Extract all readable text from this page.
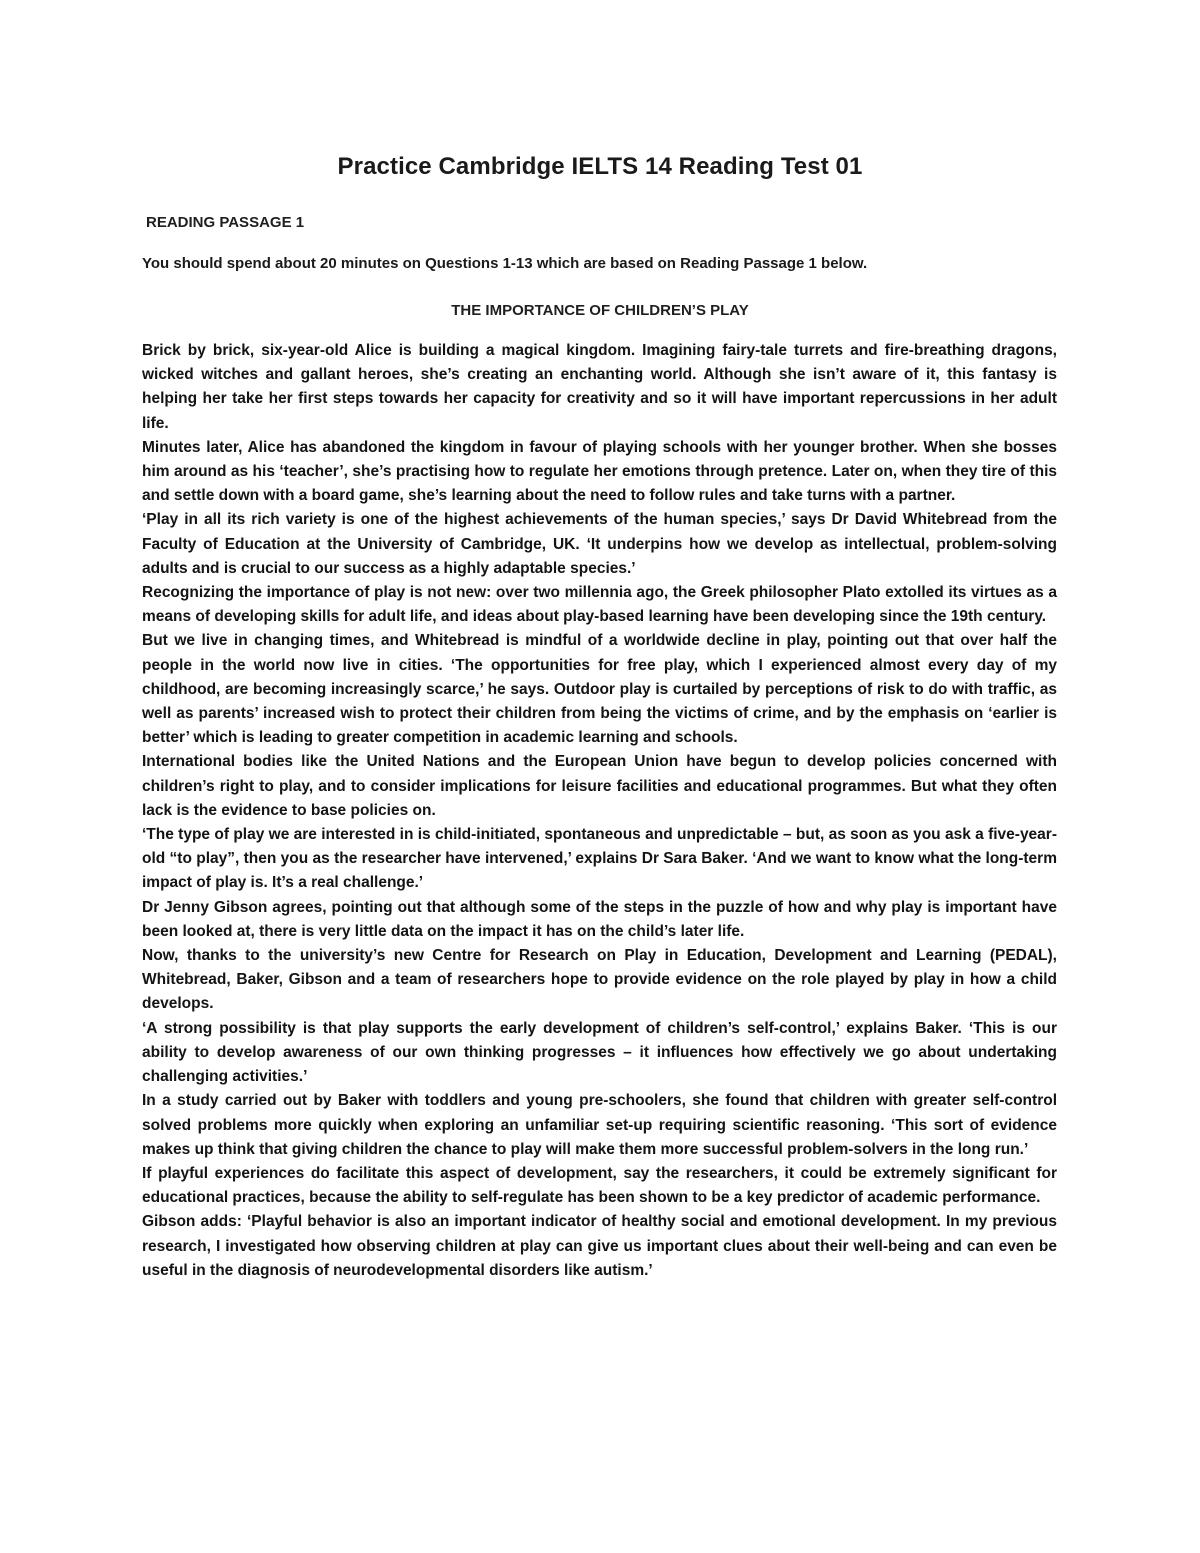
Practice Cambridge IELTS 14 Reading Test 01
READING PASSAGE 1
You should spend about 20 minutes on Questions 1-13 which are based on Reading Passage 1 below.
THE IMPORTANCE OF CHILDREN’S PLAY

Brick by brick, six-year-old Alice is building a magical kingdom. Imagining fairy-tale turrets and fire-breathing dragons, wicked witches and gallant heroes, she’s creating an enchanting world. Although she isn’t aware of it, this fantasy is helping her take her first steps towards her capacity for creativity and so it will have important repercussions in her adult life.

Minutes later, Alice has abandoned the kingdom in favour of playing schools with her younger brother. When she bosses him around as his ‘teacher’, she’s practising how to regulate her emotions through pretence. Later on, when they tire of this and settle down with a board game, she’s learning about the need to follow rules and take turns with a partner.

‘Play in all its rich variety is one of the highest achievements of the human species,’ says Dr David Whitebread from the Faculty of Education at the University of Cambridge, UK. ‘It underpins how we develop as intellectual, problem-solving adults and is crucial to our success as a highly adaptable species.’

Recognizing the importance of play is not new: over two millennia ago, the Greek philosopher Plato extolled its virtues as a means of developing skills for adult life, and ideas about play-based learning have been developing since the 19th century.

But we live in changing times, and Whitebread is mindful of a worldwide decline in play, pointing out that over half the people in the world now live in cities. ‘The opportunities for free play, which I experienced almost every day of my childhood, are becoming increasingly scarce,’ he says. Outdoor play is curtailed by perceptions of risk to do with traffic, as well as parents’ increased wish to protect their children from being the victims of crime, and by the emphasis on ‘earlier is better’ which is leading to greater competition in academic learning and schools.

International bodies like the United Nations and the European Union have begun to develop policies concerned with children’s right to play, and to consider implications for leisure facilities and educational programmes. But what they often lack is the evidence to base policies on.

‘The type of play we are interested in is child-initiated, spontaneous and unpredictable – but, as soon as you ask a five-year-old “to play”, then you as the researcher have intervened,’ explains Dr Sara Baker. ‘And we want to know what the long-term impact of play is. It’s a real challenge.’

Dr Jenny Gibson agrees, pointing out that although some of the steps in the puzzle of how and why play is important have been looked at, there is very little data on the impact it has on the child’s later life.

Now, thanks to the university’s new Centre for Research on Play in Education, Development and Learning (PEDAL), Whitebread, Baker, Gibson and a team of researchers hope to provide evidence on the role played by play in how a child develops.

‘A strong possibility is that play supports the early development of children’s self-control,’ explains Baker. ‘This is our ability to develop awareness of our own thinking progresses – it influences how effectively we go about undertaking challenging activities.’

In a study carried out by Baker with toddlers and young pre-schoolers, she found that children with greater self-control solved problems more quickly when exploring an unfamiliar set-up requiring scientific reasoning. ‘This sort of evidence makes up think that giving children the chance to play will make them more successful problem-solvers in the long run.’

If playful experiences do facilitate this aspect of development, say the researchers, it could be extremely significant for educational practices, because the ability to self-regulate has been shown to be a key predictor of academic performance.

Gibson adds: ‘Playful behavior is also an important indicator of healthy social and emotional development. In my previous research, I investigated how observing children at play can give us important clues about their well-being and can even be useful in the diagnosis of neurodevelopmental disorders like autism.’
